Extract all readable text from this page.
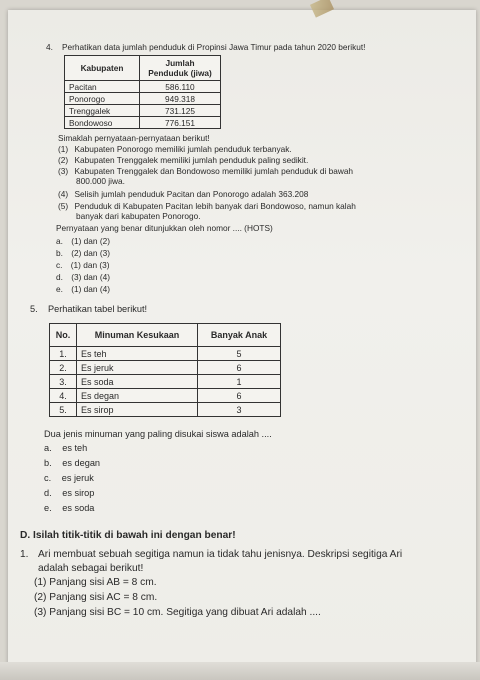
4. Perhatikan data jumlah penduduk di Propinsi Jawa Timur pada tahun 2020 berikut!
Kabupaten	Jumlah
Penduduk (jiwa)
Pacitan	586.110
Ponorogo	949.318
Trenggalek	731.125
Bondowoso	776.151
Simaklah pernyataan-pernyataan berikut!
(1) Kabupaten Ponorogo memiliki jumlah penduduk terbanyak.
(2) Kabupaten Trenggalek memiliki jumlah penduduk paling sedikit.
(3) Kabupaten Trenggalek dan Bondowoso memiliki jumlah penduduk di bawah
800.000 jiwa.
(4) Selisih jumlah penduduk Pacitan dan Ponorogo adalah 363.208
(5) Penduduk di Kabupaten Pacitan lebih banyak dari Bondowoso, namun kalah
banyak dari kabupaten Ponorogo.
Pernyataan yang benar ditunjukkan oleh nomor .... (HOTS)
a. (1) dan (2)
b. (2) dan (3)
c. (1) dan (3)
d. (3) dan (4)
e. (1) dan (4)
5. Perhatikan tabel berikut!
No.	Minuman Kesukaan	Banyak Anak
1.	Es teh	5
2.	Es jeruk	6
3.	Es soda	1
4.	Es degan	6
5.	Es sirop	3
Dua jenis minuman yang paling disukai siswa adalah ....
a. es teh
b. es degan
c. es jeruk
d. es sirop
e. es soda
D. Isilah titik-titik di bawah ini dengan benar!
1. Ari membuat sebuah segitiga namun ia tidak tahu jenisnya. Deskripsi segitiga Ari
adalah sebagai berikut!
(1) Panjang sisi AB = 8 cm.
(2) Panjang sisi AC = 8 cm.
(3) Panjang sisi BC = 10 cm. Segitiga yang dibuat Ari adalah ....
